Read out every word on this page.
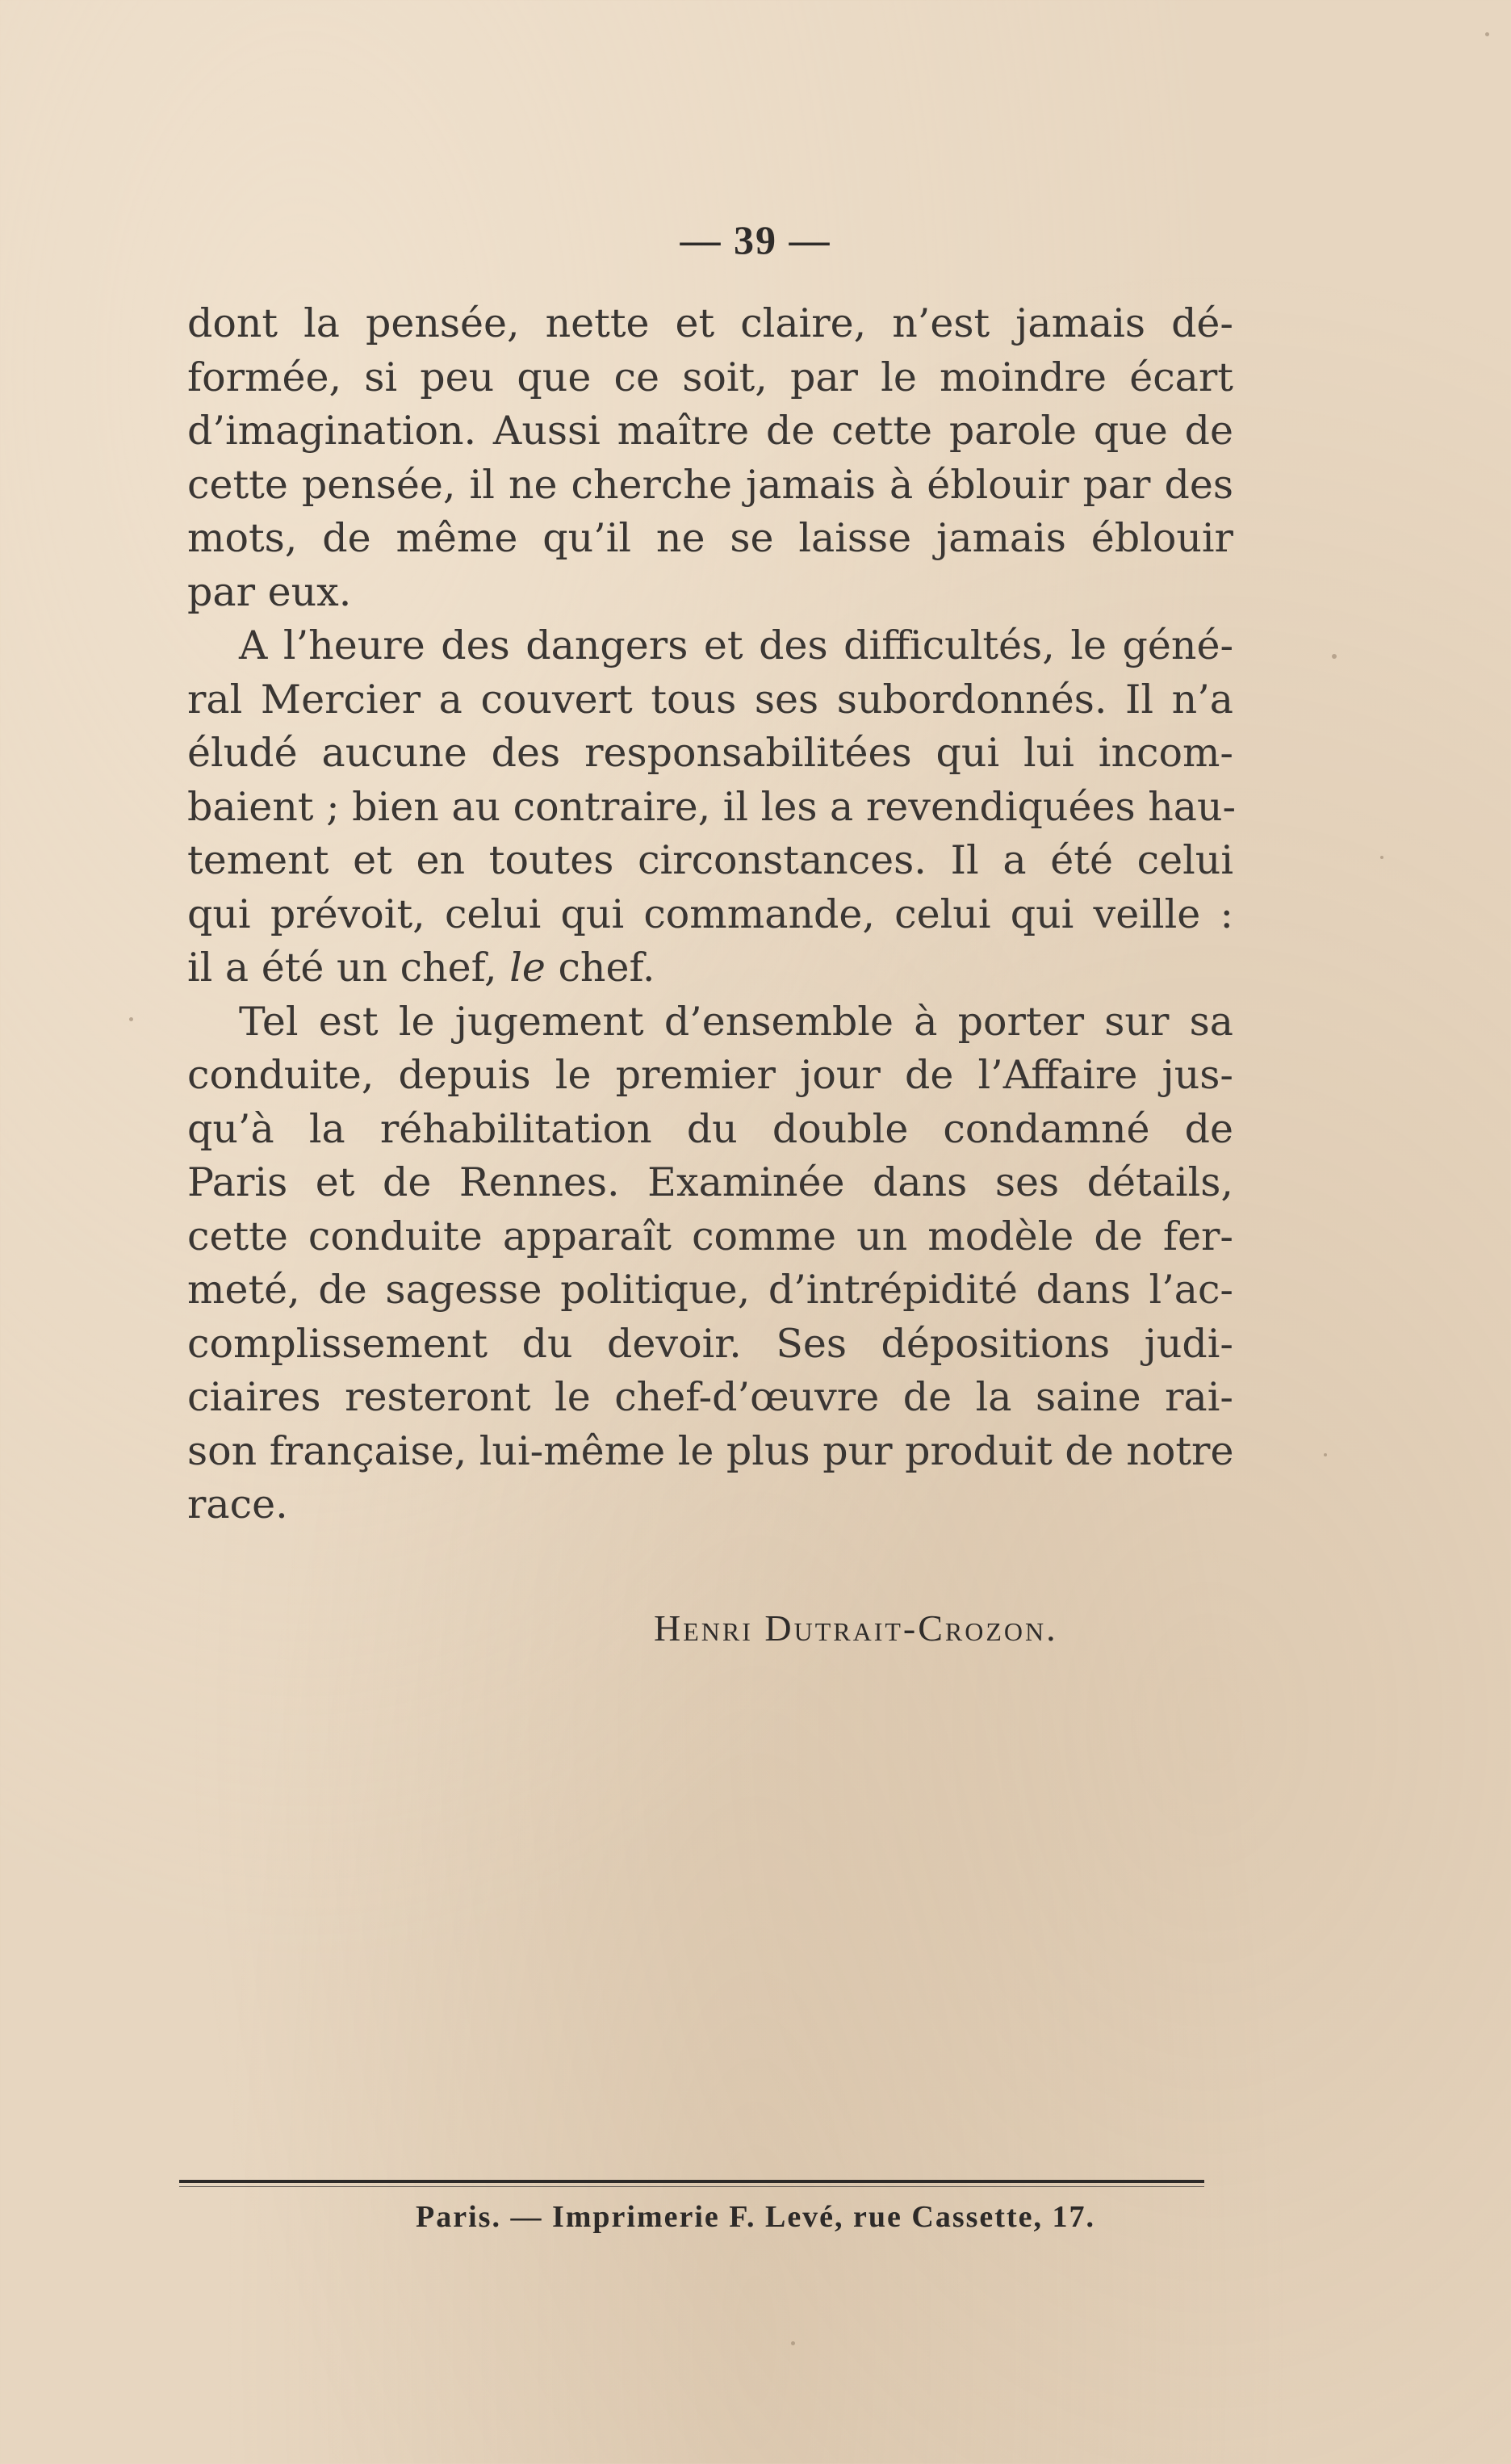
— 39 —

dont la pensée, nette et claire, n’est jamais dé-
formée, si peu que ce soit, par le moindre écart
d’imagination. Aussi maître de cette parole que de
cette pensée, il ne cherche jamais à éblouir par des
mots, de même qu’il ne se laisse jamais éblouir
par eux.

A l’heure des dangers et des difficultés, le géné-
ral Mercier a couvert tous ses subordonnés. Il n’a
éludé aucune des responsabilitées qui lui incom-
baient ; bien au contraire, il les a revendiquées hau-
tement et en toutes circonstances. Il a été celui
qui prévoit, celui qui commande, celui qui veille :
il a été un chef, le chef.

Tel est le jugement d’ensemble à porter sur sa
conduite, depuis le premier jour de l’Affaire jus-
qu’à la réhabilitation du double condamné de
Paris et de Rennes. Examinée dans ses détails,
cette conduite apparaît comme un modèle de fer-
meté, de sagesse politique, d’intrépidité dans l’ac-
complissement du devoir. Ses dépositions judi-
ciaires resteront le chef-d’œuvre de la saine rai-
son française, lui-même le plus pur produit de notre
race.

Henri Dutrait-Crozon.
Paris. — Imprimerie F. Levé, rue Cassette, 17.
